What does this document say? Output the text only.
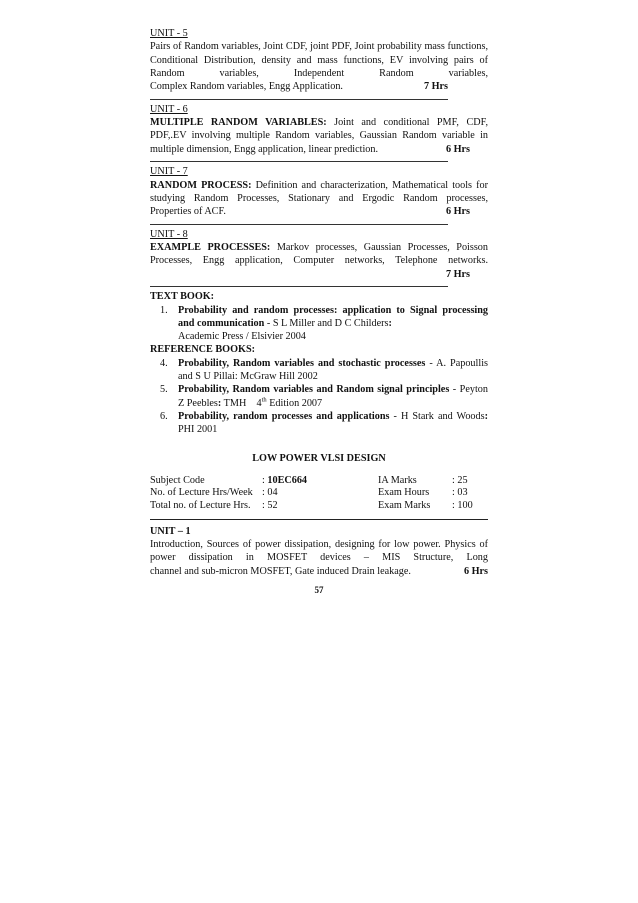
UNIT - 5
Pairs of Random variables, Joint CDF, joint PDF, Joint probability mass functions, Conditional Distribution, density and mass functions, EV involving pairs of Random variables, Independent Random variables,
Complex Random variables, Engg Application.	7 Hrs
UNIT - 6
MULTIPLE RANDOM VARIABLES: Joint and conditional PMF, CDF, PDF,.EV involving multiple Random variables, Gaussian Random variable in
multiple dimension, Engg application, linear prediction.	6 Hrs
UNIT - 7
RANDOM PROCESS: Definition and characterization, Mathematical tools for studying Random Processes, Stationary and Ergodic Random processes,
Properties of ACF.	6 Hrs
UNIT - 8
EXAMPLE PROCESSES: Markov processes, Gaussian Processes, Poisson Processes, Engg application, Computer networks, Telephone networks.
7 Hrs
TEXT BOOK:
1. Probability and random processes: application to Signal processing and communication - S L Miller and D C Childers:
Academic Press / Elsivier 2004
REFERENCE BOOKS:
4. Probability, Random variables and stochastic processes - A. Papoullis and S U Pillai: McGraw Hill 2002
5. Probability, Random variables and Random signal principles - Peyton Z Peebles: TMH    4th Edition 2007
6. Probability, random processes and applications - H Stark and Woods: PHI 2001
LOW POWER VLSI DESIGN
Subject Code	: 10EC664	IA Marks	: 25
No. of Lecture Hrs/Week	: 04	Exam Hours	: 03
Total no. of Lecture Hrs.	: 52	Exam Marks	: 100
UNIT – 1
Introduction, Sources of power dissipation, designing for low power. Physics of power dissipation in MOSFET devices – MIS Structure, Long
channel and sub-micron MOSFET, Gate induced Drain leakage.	6 Hrs
57
